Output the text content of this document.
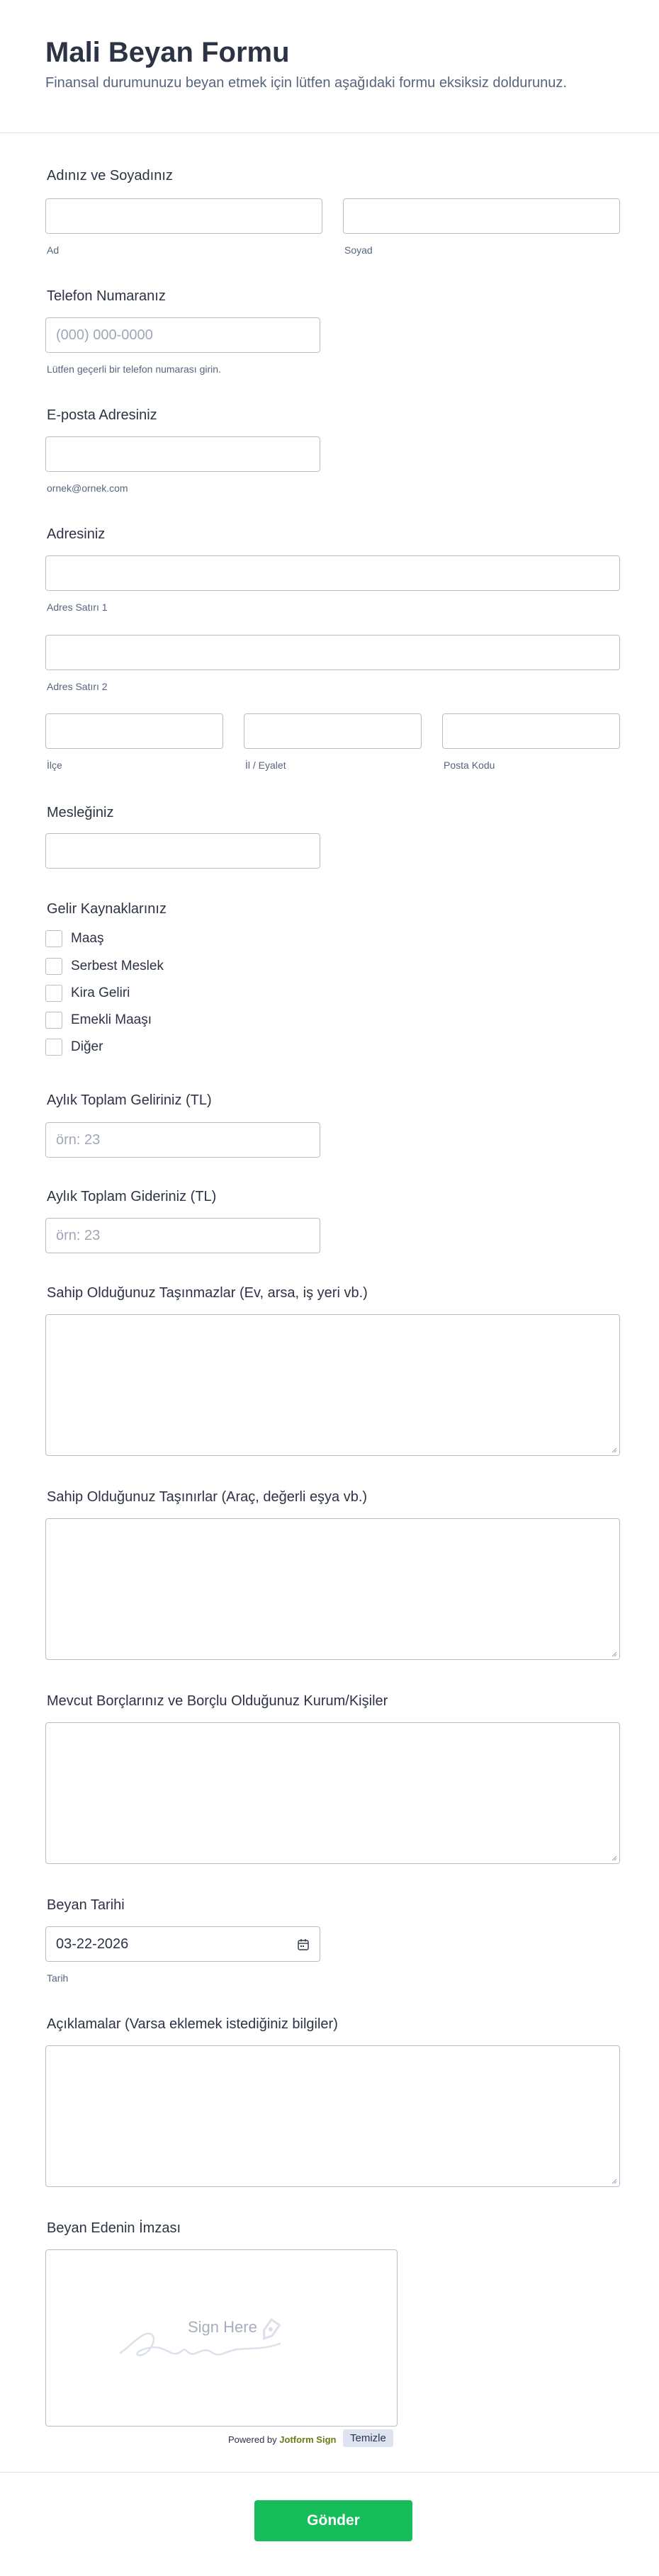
Mali Beyan Formu

Finansal durumunuzu beyan etmek için lütfen aşağıdaki formu eksiksiz doldurunuz.

Adınız ve Soyadınız
Ad	Soyad
Telefon Numaranız
(000) 000-0000
Lütfen geçerli bir telefon numarası girin.
E-posta Adresiniz
ornek@ornek.com
Adresiniz
Adres Satırı 1
Adres Satırı 2
İlçe	İl / Eyalet	Posta Kodu
Mesleğiniz
Gelir Kaynaklarınız
Maaş
Serbest Meslek
Kira Geliri
Emekli Maaşı
Diğer
Aylık Toplam Geliriniz (TL)
örn: 23
Aylık Toplam Gideriniz (TL)
örn: 23
Sahip Olduğunuz Taşınmazlar (Ev, arsa, iş yeri vb.)
Sahip Olduğunuz Taşınırlar (Araç, değerli eşya vb.)
Mevcut Borçlarınız ve Borçlu Olduğunuz Kurum/Kişiler
Beyan Tarihi
03-22-2026
Tarih
Açıklamalar (Varsa eklemek istediğiniz bilgiler)
Beyan Edenin İmzası
Sign Here
Powered by Jotform Sign	Temizle
Gönder
